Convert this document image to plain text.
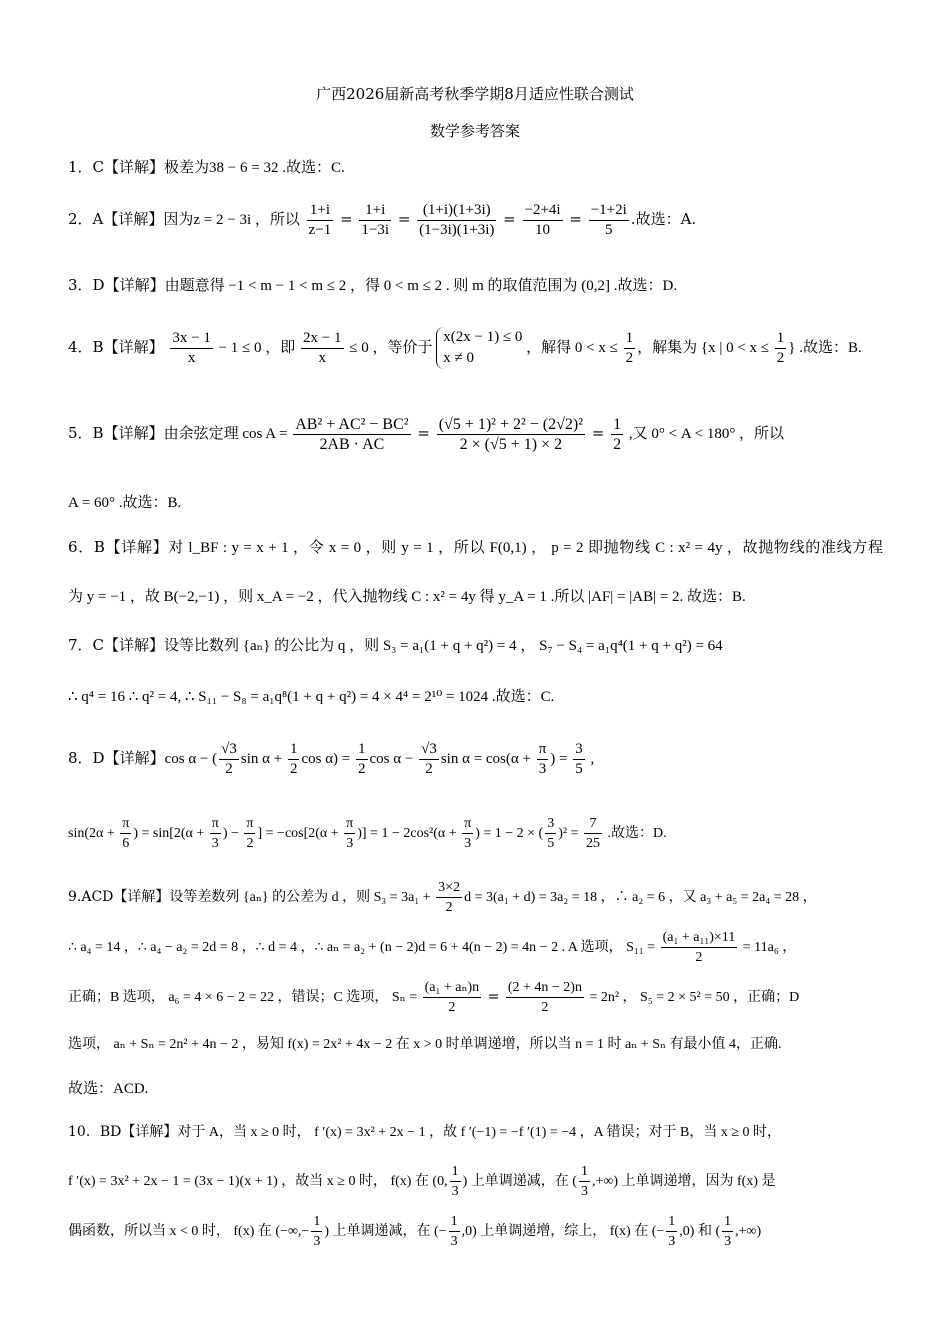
广西2026届新高考秋季学期8月适应性联合测试
数学参考答案
1．C【详解】极差为38 − 6 = 32 .故选：C.
2．A【详解】因为z = 2 − 3i ，所以 $\frac{1+i}{z-1} = \frac{1+i}{1-3i} = \frac{(1+i)(1+3i)}{(1-3i)(1+3i)} = \frac{-2+4i}{10} = \frac{-1+2i}{5}$ .故选：A.
3．D【详解】由题意得 −1 < m − 1 < m ≤ 2 ，得 0 < m ≤ 2 . 则 m 的取值范围为 (0,2] .故选：D.
4．B【详解】 $\frac{3x - 1}{x} - 1 \le 0$ ，即 $\frac{2x - 1}{x} \le 0$ ，等价于
x(2x − 1) ≤ 0
x ≠ 0
，解得 $0 < x \le \frac{1}{2}$ ，解集为 {x | $0 < x \le \frac{1}{2}$ } .故选：B.
5．B【详解】由余弦定理 $\cos A = \frac{\text{AB² + AC² − BC²}}{2AB \cdot AC} = \frac{\text{(√5 + 1)² + 2² − (2√2)²}}{2 \times (√5 + 1) \times 2} = \frac{1}{2}$ ,又 0° < A < 180° ，所以
A = 60° .故选：B.
6．B【详解】对 l_BF : y = x + 1 ，令 x = 0 ，则 y = 1 ，所以 F(0,1) ， p = 2 即抛物线 C : x² = 4y ，故抛物线的准线方程
为 y = −1 ，故 B(−2,−1) ，则 x_A = −2 ，代入抛物线 C : x² = 4y 得 y_A = 1 .所以 |AF| = |AB| = 2. 故选：B.
7．C【详解】设等比数列 {aₙ} 的公比为 q ，则 S₃ = a₁(1 + q + q²) = 4 ， S₇ − S₄ = a₁q⁴(1 + q + q²) = 64
∴ q⁴ = 16 ∴ q² = 4, ∴ S₁₁ − S₈ = a₁q⁸(1 + q + q²) = 4 × 4⁴ = 2¹⁰ = 1024 .故选：C.
8．D【详解】cos α − ( $\frac{√3}{2}$ $\sin \alpha + \frac{1}{2}$ $\cos \alpha) = \frac{1}{2}$ $\cos \alpha - \frac{√3}{2}$ $\sin \alpha = \cos(\alpha + \frac{\pi}{3}$ ) = $\frac{3}{5}$ ,
$\sin(2\alpha + \frac{\pi}{6}$ ) = $\sin[2(\alpha + \frac{\pi}{3}$ ) − $\frac{\pi}{2}$ ] = $-\cos[2(\alpha + \frac{\pi}{3}$ )] = $1 - 2\cos^2(\alpha + \frac{\pi}{3}$ ) = 1 − 2 × ( $\frac{3}{5} )^2 = \frac{7}{25}$ .故选：D.
9.ACD【详解】设等差数列 {aₙ} 的公差为 d ，则 $S_3 = 3a_1 + \frac{3\times 2}{2}$ d = 3(a₁ + d) = 3a₂ = 18 ，∴ a₂ = 6 ，又 a₃ + a₅ = 2a₄ = 28 ，
∴ a₄ = 14 ，∴ a₄ − a₂ = 2d = 8 ，∴ d = 4 ，∴ aₙ = a₂ + (n − 2)d = 6 + 4(n − 2) = 4n − 2 . A 选项， $S_{11} = \frac{\text{(a₁ + a₁₁)×11}}{2} = 11a_6$ ，
正确；B 选项， a₆ = 4 × 6 − 2 = 22 ，错误；C 选项， $S_n = \frac{\text{(a₁ + aₙ)n}}{2} = \frac{(2 + 4n - 2)n}{2} = 2n^2$ ， S₅ = 2 × 5² = 50 ，正确；D
选项， aₙ + Sₙ = 2n² + 4n − 2 ，易知 f(x) = 2x² + 4x − 2 在 x > 0 时单调递增，所以当 n = 1 时 aₙ + Sₙ 有最小值 4，正确.
故选：ACD.
10．BD【详解】对于 A，当 x ≥ 0 时， f ′(x) = 3x² + 2x − 1 ，故 f ′(−1) = −f ′(1) = −4 ，A 错误；对于 B，当 x ≥ 0 时，
f ′(x) = 3x² + 2x − 1 = (3x − 1)(x + 1) ，故当 x ≥ 0 时， f(x) 在 (0, $\frac{1}{3}$ ) 上单调递减，在 ( $\frac{1}{3}$ ,+∞) 上单调递增，因为 f(x) 是
偶函数，所以当 x < 0 时， f(x) 在 (−∞,− $\frac{1}{3}$ ) 上单调递减，在 (− $\frac{1}{3} ,0$) 上单调递增，综上， f(x) 在 (− $\frac{1}{3} ,0$) 和 ( $\frac{1}{3}$ ,+∞)
